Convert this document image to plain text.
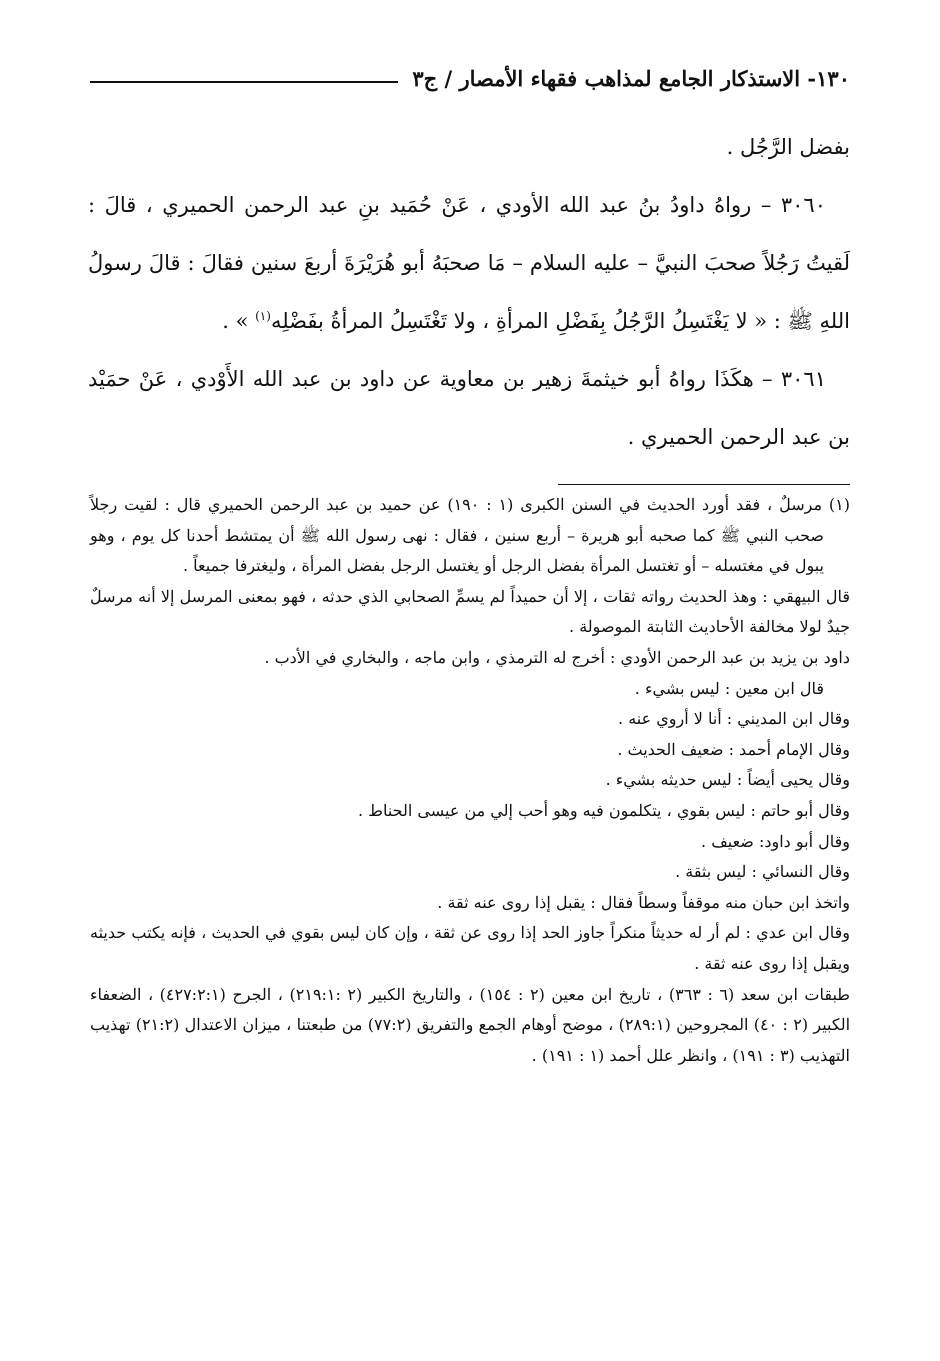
١٣٠- الاستذكار الجامع لمذاهب فقهاء الأمصار / ج٣

بفضل الرَّجُل .

٣٠٦٠ – رواهُ داودُ بنُ عبد الله الأودي ، عَنْ حُمَيد بنِ عبد الرحمن الحميري ، قالَ : لَقيتُ رَجُلاً صحبَ النبيَّ – عليه السلام – مَا صحبَهُ أبو هُرَيْرَةَ أربعَ سنين فقالَ : قالَ رسولُ اللهِ ﷺ : « لا يَغْتَسِلُ الرَّجُلُ بِفَضْلِ المرأةِ ، ولا تَغْتَسِلُ المرأةُ بفَضْلِه$^{(١)}$ » .

٣٠٦١ – هكَذَا رواهُ أبو خيثمةَ زهير بن معاوية عن داود بن عبد الله الأَوْدي ، عَنْ حمَيْد بن عبد الرحمن الحميري .

(١) مرسلٌ ، فقد أورد الحديث في السنن الكبرى (١ : ١٩٠) عن حميد بن عبد الرحمن الحميري قال : لقيت رجلاً صحب النبي ﷺ كما صحبه أبو هريرة – أربع سنين ، فقال : نهى رسول الله ﷺ أن يمتشط أحدنا كل يوم ، وهو يبول في مغتسله – أو تغتسل المرأة بفضل الرجل أو يغتسل الرجل بفضل المرأة ، وليغترفا جميعاً .

قال البيهقي : وهذ الحديث رواته ثقات ، إلا أن حميداً لم يسمِّ الصحابي الذي حدثه ، فهو بمعنى المرسل إلا أنه مرسلٌ جيدٌ لولا مخالفة الأحاديث الثابتة الموصولة .

داود بن يزيد بن عبد الرحمن الأودي : أخرج له الترمذي ، وابن ماجه ، والبخاري في الأدب .

قال ابن معين : ليس بشيء .

وقال ابن المديني : أنا لا أروي عنه .

وقال الإمام أحمد : ضعيف الحديث .

وقال يحيى أيضاً : ليس حديثه بشيء .

وقال أبو حاتم : ليس بقوي ، يتكلمون فيه وهو أحب إلي من عيسى الحناط .

وقال أبو داود: ضعيف .

وقال النسائي : ليس بثقة .

واتخذ ابن حبان منه موقفاً وسطاً فقال : يقبل إذا روى عنه ثقة .

وقال ابن عدي : لم أر له حديثاً منكراً جاوز الحد إذا روى عن ثقة ، وإن كان ليس بقوي في الحديث ، فإنه يكتب حديثه ويقبل إذا روى عنه ثقة .

طبقات ابن سعد (٦ : ٣٦٣) ، تاريخ ابن معين (٢ : ١٥٤) ، والتاريخ الكبير (٢ :٢١٩:١) ، الجرح (٤٢٧:٢:١) ، الضعفاء الكبير (٢ : ٤٠) المجروحين (٢٨٩:١) ، موضح أوهام الجمع والتفريق (٧٧:٢) من طبعتنا ، ميزان الاعتدال (٢١:٢) تهذيب التهذيب (٣ : ١٩١) ، وانظر علل أحمد (١ : ١٩١) .
